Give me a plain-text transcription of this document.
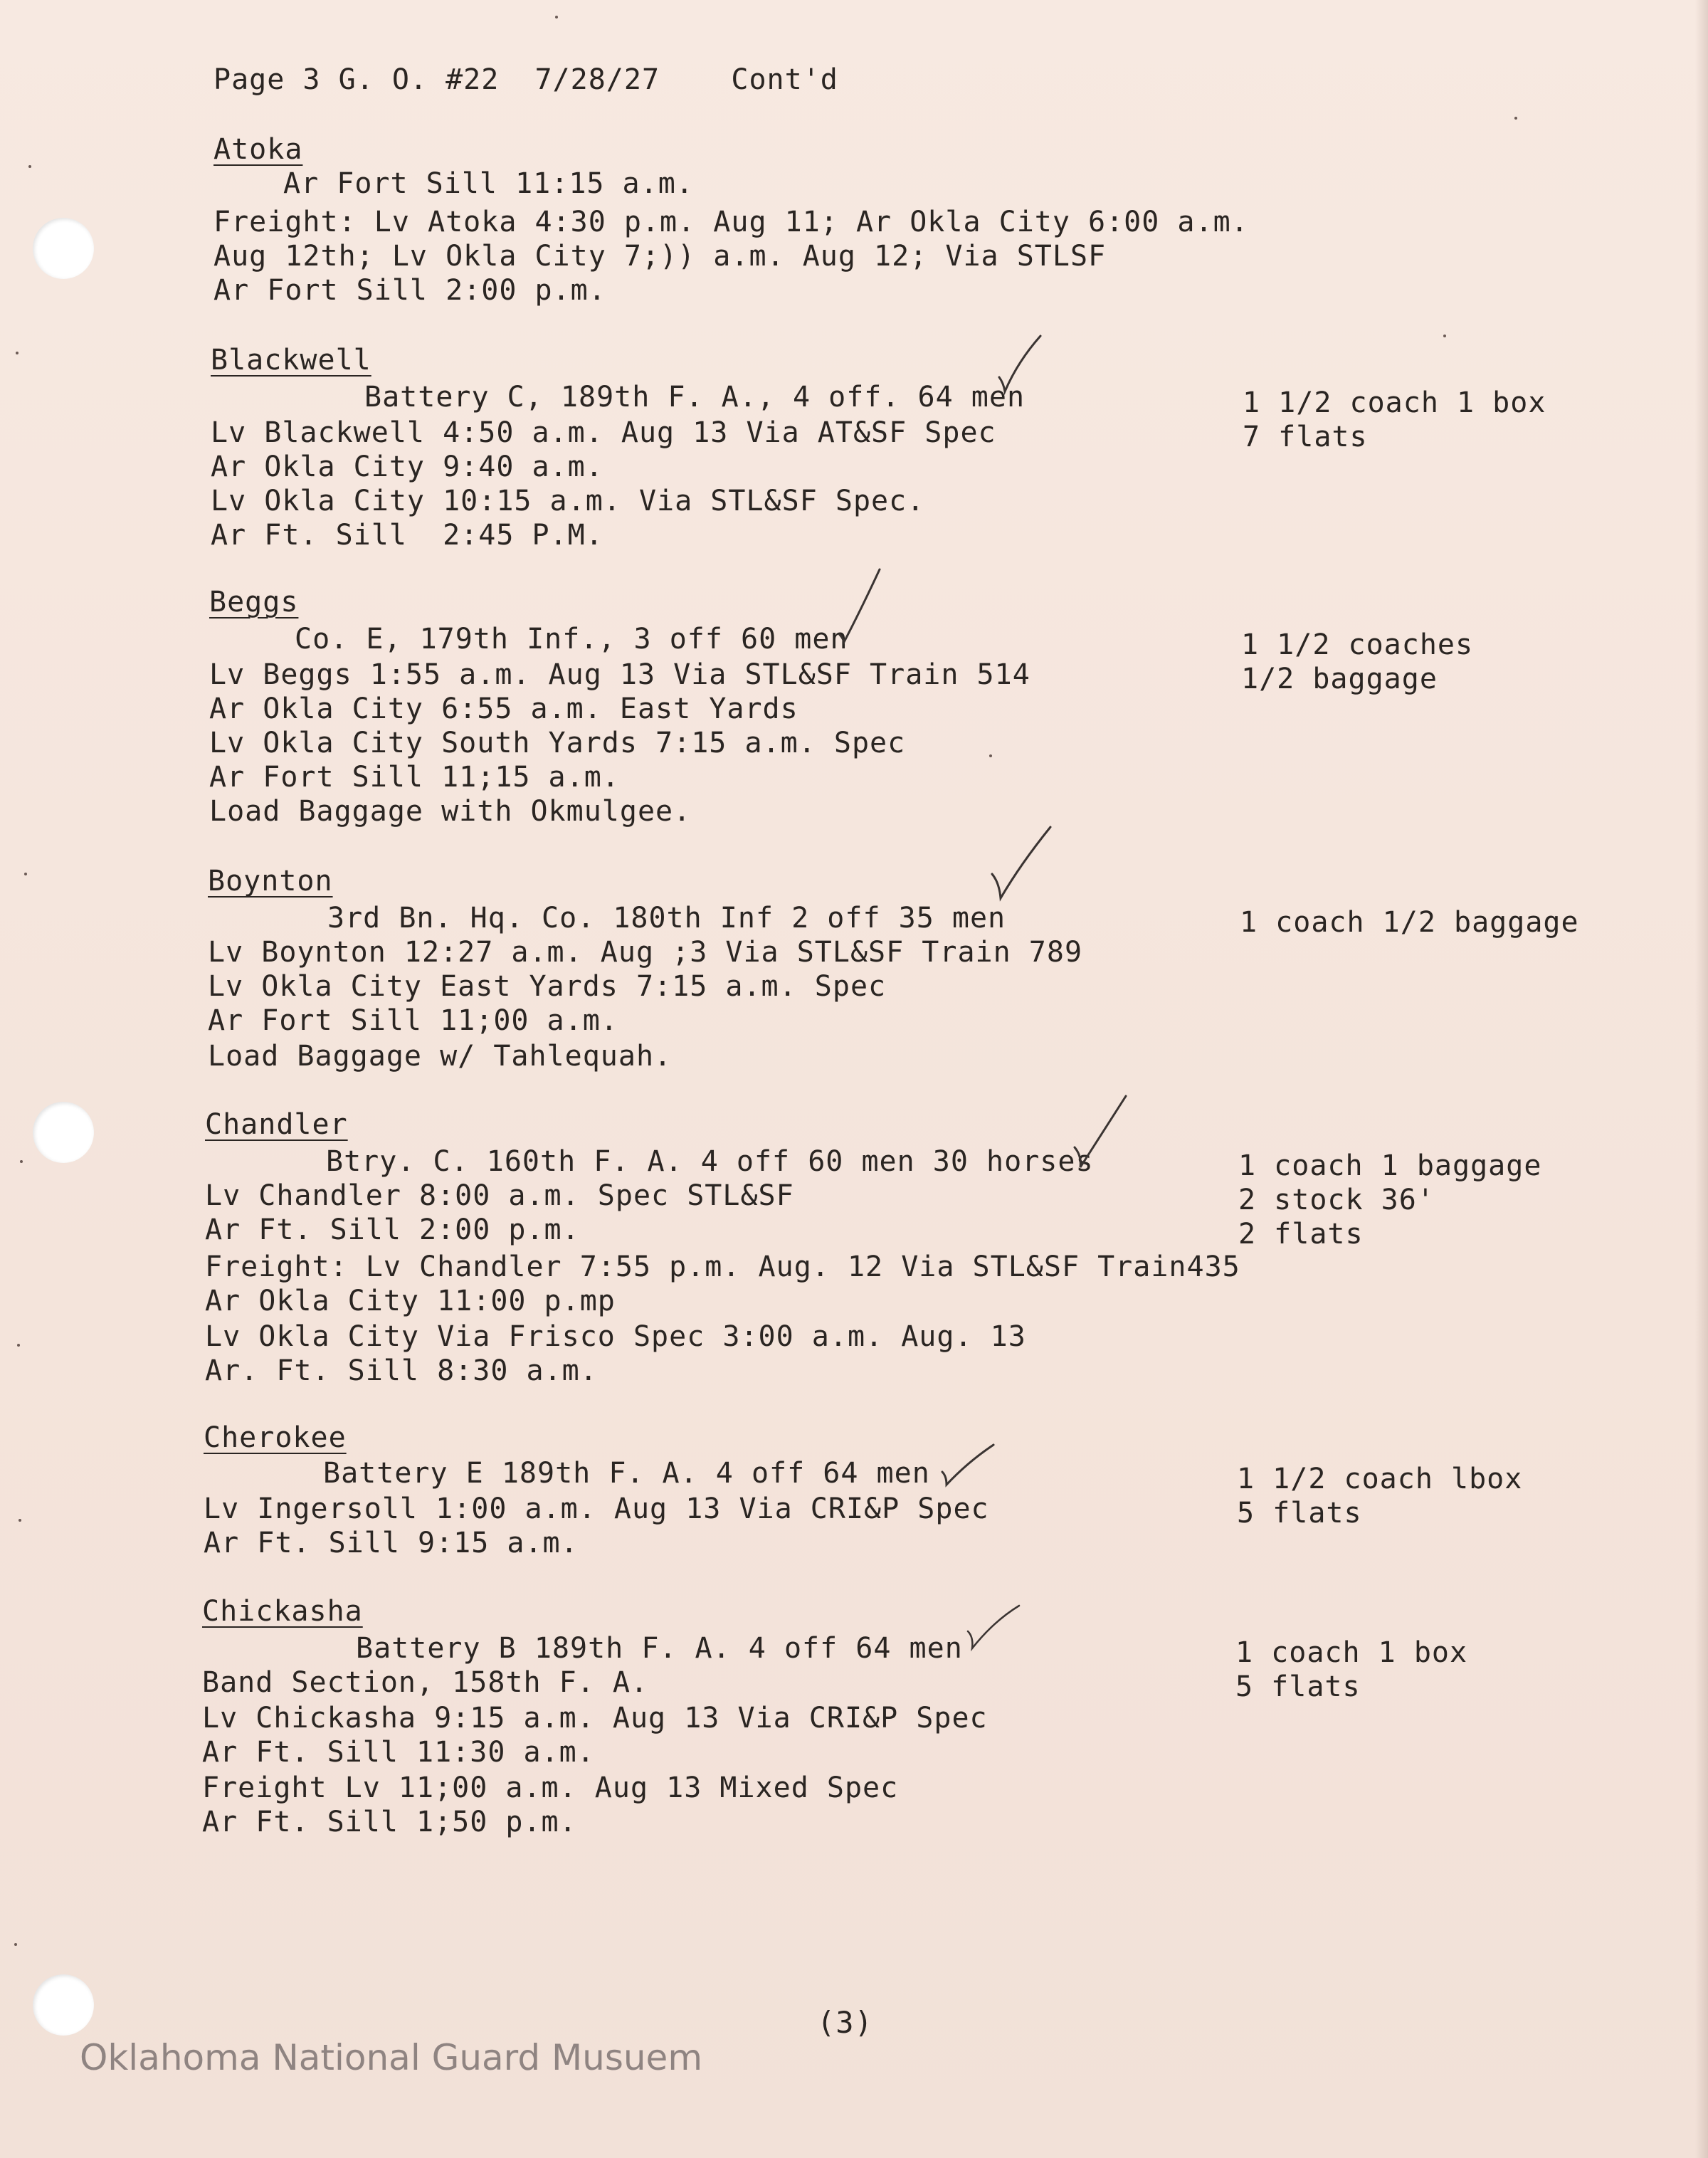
Page 3 G. O. #22  7/28/27    Cont'd
Atoka
Ar Fort Sill 11:15 a.m.
Freight: Lv Atoka 4:30 p.m. Aug 11; Ar Okla City 6:00 a.m.
Aug 12th; Lv Okla City 7;)) a.m. Aug 12; Via STLSF
Ar Fort Sill 2:00 p.m.
Blackwell
Battery C, 189th F. A., 4 off. 64 men
Lv Blackwell 4:50 a.m. Aug 13 Via AT&SF Spec
Ar Okla City 9:40 a.m.
Lv Okla City 10:15 a.m. Via STL&SF Spec.
Ar Ft. Sill  2:45 P.M.
1 1/2 coach 1 box
7 flats
Beggs
Co. E, 179th Inf., 3 off 60 men
Lv Beggs 1:55 a.m. Aug 13 Via STL&SF Train 514
Ar Okla City 6:55 a.m. East Yards
Lv Okla City South Yards 7:15 a.m. Spec
Ar Fort Sill 11;15 a.m.
Load Baggage with Okmulgee.
1 1/2 coaches
1/2 baggage
Boynton
3rd Bn. Hq. Co. 180th Inf 2 off 35 men
Lv Boynton 12:27 a.m. Aug ;3 Via STL&SF Train 789
Lv Okla City East Yards 7:15 a.m. Spec
Ar Fort Sill 11;00 a.m.
Load Baggage w/ Tahlequah.
1 coach 1/2 baggage
Chandler
Btry. C. 160th F. A. 4 off 60 men 30 horses
Lv Chandler 8:00 a.m. Spec STL&SF
Ar Ft. Sill 2:00 p.m.
Freight: Lv Chandler 7:55 p.m. Aug. 12 Via STL&SF Train435
Ar Okla City 11:00 p.mp
Lv Okla City Via Frisco Spec 3:00 a.m. Aug. 13
Ar. Ft. Sill 8:30 a.m.
1 coach 1 baggage
2 stock 36'
2 flats
Cherokee
Battery E 189th F. A. 4 off 64 men
Lv Ingersoll 1:00 a.m. Aug 13 Via CRI&P Spec
Ar Ft. Sill 9:15 a.m.
1 1/2 coach lbox
5 flats
Chickasha
Battery B 189th F. A. 4 off 64 men
Band Section, 158th F. A.
Lv Chickasha 9:15 a.m. Aug 13 Via CRI&P Spec
Ar Ft. Sill 11:30 a.m.
Freight Lv 11;00 a.m. Aug 13 Mixed Spec
Ar Ft. Sill 1;50 p.m.
1 coach 1 box
5 flats
(3)
Oklahoma National Guard Musuem
